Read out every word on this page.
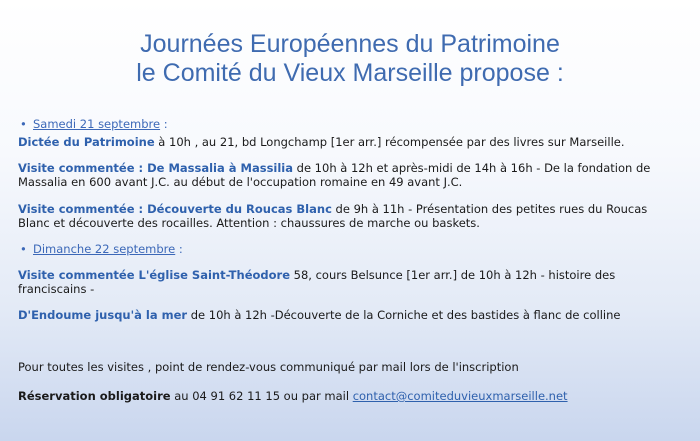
Journées Européennes du Patrimoine
le Comité du Vieux Marseille propose :
• Samedi 21 septembre :

Dictée du Patrimoine à 10h , au 21, bd Longchamp [1er arr.] récompensée par des livres sur Marseille.

Visite commentée : De Massalia à Massilia de 10h à 12h et après-midi de 14h à 16h - De la fondation de Massalia en 600 avant J.C. au début de l'occupation romaine en 49 avant J.C.

Visite commentée : Découverte du Roucas Blanc de 9h à 11h - Présentation des petites rues du Roucas Blanc et découverte des rocailles. Attention : chaussures de marche ou baskets.

• Dimanche 22 septembre :

Visite commentée L'église Saint-Théodore 58, cours Belsunce [1er arr.] de 10h à 12h - histoire des franciscains -

D'Endoume jusqu'à la mer de 10h à 12h -Découverte de la Corniche et des bastides à flanc de colline

Pour toutes les visites , point de rendez-vous communiqué par mail lors de l'inscription

Réservation obligatoire au 04 91 62 11 15 ou par mail contact@comiteduvieuxmarseille.net
